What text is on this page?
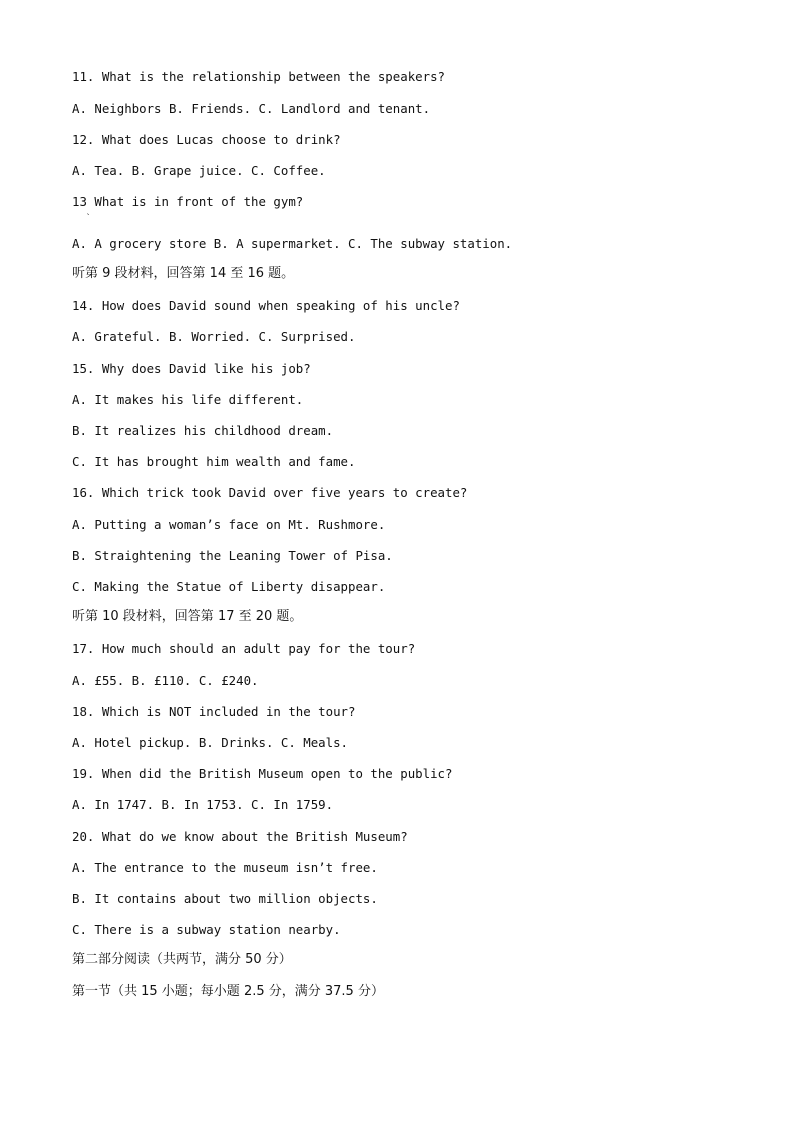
11. What is the relationship between the speakers?
A. Neighbors B. Friends. C. Landlord and tenant.
12. What does Lucas choose to drink?
A. Tea. B. Grape juice. C. Coffee.
13 What is in front of the gym?
`
A. A grocery store B. A supermarket. C. The subway station.
听第 9 段材料，回答第 14 至 16 题。
14. How does David sound when speaking of his uncle?
A. Grateful. B. Worried. C. Surprised.
15. Why does David like his job?
A. It makes his life different.
B. It realizes his childhood dream.
C. It has brought him wealth and fame.
16. Which trick took David over five years to create?
A. Putting a woman’s face on Mt. Rushmore.
B. Straightening the Leaning Tower of Pisa.
C. Making the Statue of Liberty disappear.
听第 10 段材料，回答第 17 至 20 题。
17. How much should an adult pay for the tour?
A. £55. B. £110. C. £240.
18. Which is NOT included in the tour?
A. Hotel pickup. B. Drinks. C. Meals.
19. When did the British Museum open to the public?
A. In 1747. B. In 1753. C. In 1759.
20. What do we know about the British Museum?
A. The entrance to the museum isn’t free.
B. It contains about two million objects.
C. There is a subway station nearby.
第二部分阅读（共两节，满分 50 分）
第一节（共 15 小题；每小题 2.5 分，满分 37.5 分）
